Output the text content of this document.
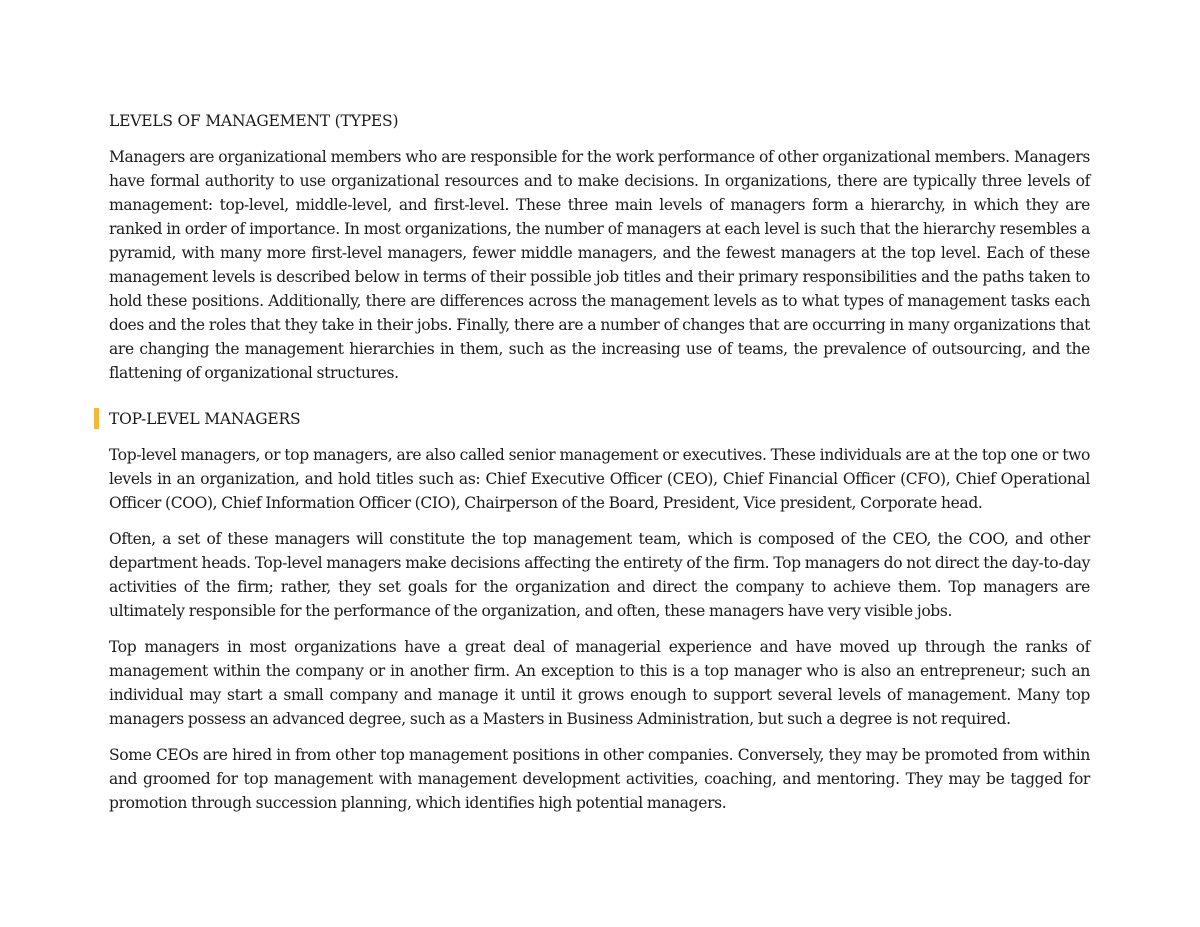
LEVELS OF MANAGEMENT (TYPES)

Managers are organizational members who are responsible for the work performance of other organizational members. Managers have formal authority to use organizational resources and to make decisions. In organizations, there are typically three levels of management: top-level, middle-level, and first-level. These three main levels of managers form a hierarchy, in which they are ranked in order of importance. In most organizations, the number of managers at each level is such that the hierarchy resembles a pyramid, with many more first-level managers, fewer middle managers, and the fewest managers at the top level. Each of these management levels is described below in terms of their possible job titles and their primary responsibilities and the paths taken to hold these positions. Additionally, there are differences across the management levels as to what types of management tasks each does and the roles that they take in their jobs. Finally, there are a number of changes that are occurring in many organizations that are changing the management hierarchies in them, such as the increasing use of teams, the prevalence of outsourcing, and the flattening of organizational structures.

TOP-LEVEL MANAGERS

Top-level managers, or top managers, are also called senior management or executives. These individuals are at the top one or two levels in an organization, and hold titles such as: Chief Executive Officer (CEO), Chief Financial Officer (CFO), Chief Operational Officer (COO), Chief Information Officer (CIO), Chairperson of the Board, President, Vice president, Corporate head.

Often, a set of these managers will constitute the top management team, which is composed of the CEO, the COO, and other department heads. Top-level managers make decisions affecting the entirety of the firm. Top managers do not direct the day-to-day activities of the firm; rather, they set goals for the organization and direct the company to achieve them. Top managers are ultimately responsible for the performance of the organization, and often, these managers have very visible jobs.

Top managers in most organizations have a great deal of managerial experience and have moved up through the ranks of management within the company or in another firm. An exception to this is a top manager who is also an entrepreneur; such an individual may start a small company and manage it until it grows enough to support several levels of management. Many top managers possess an advanced degree, such as a Masters in Business Administration, but such a degree is not required.

Some CEOs are hired in from other top management positions in other companies. Conversely, they may be promoted from within and groomed for top management with management development activities, coaching, and mentoring. They may be tagged for promotion through succession planning, which identifies high potential managers.
